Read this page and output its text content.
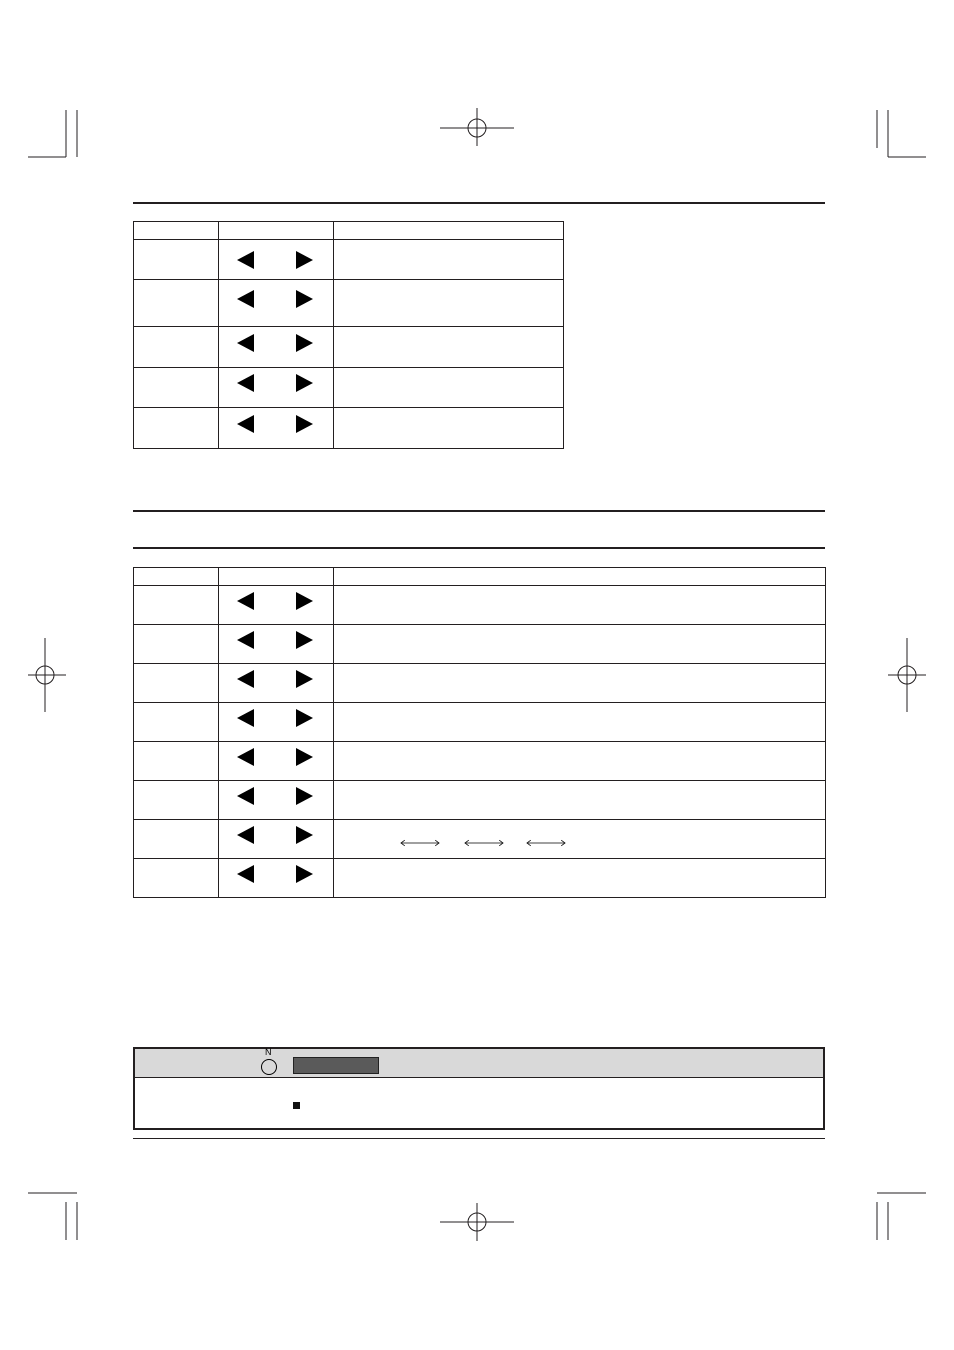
N
